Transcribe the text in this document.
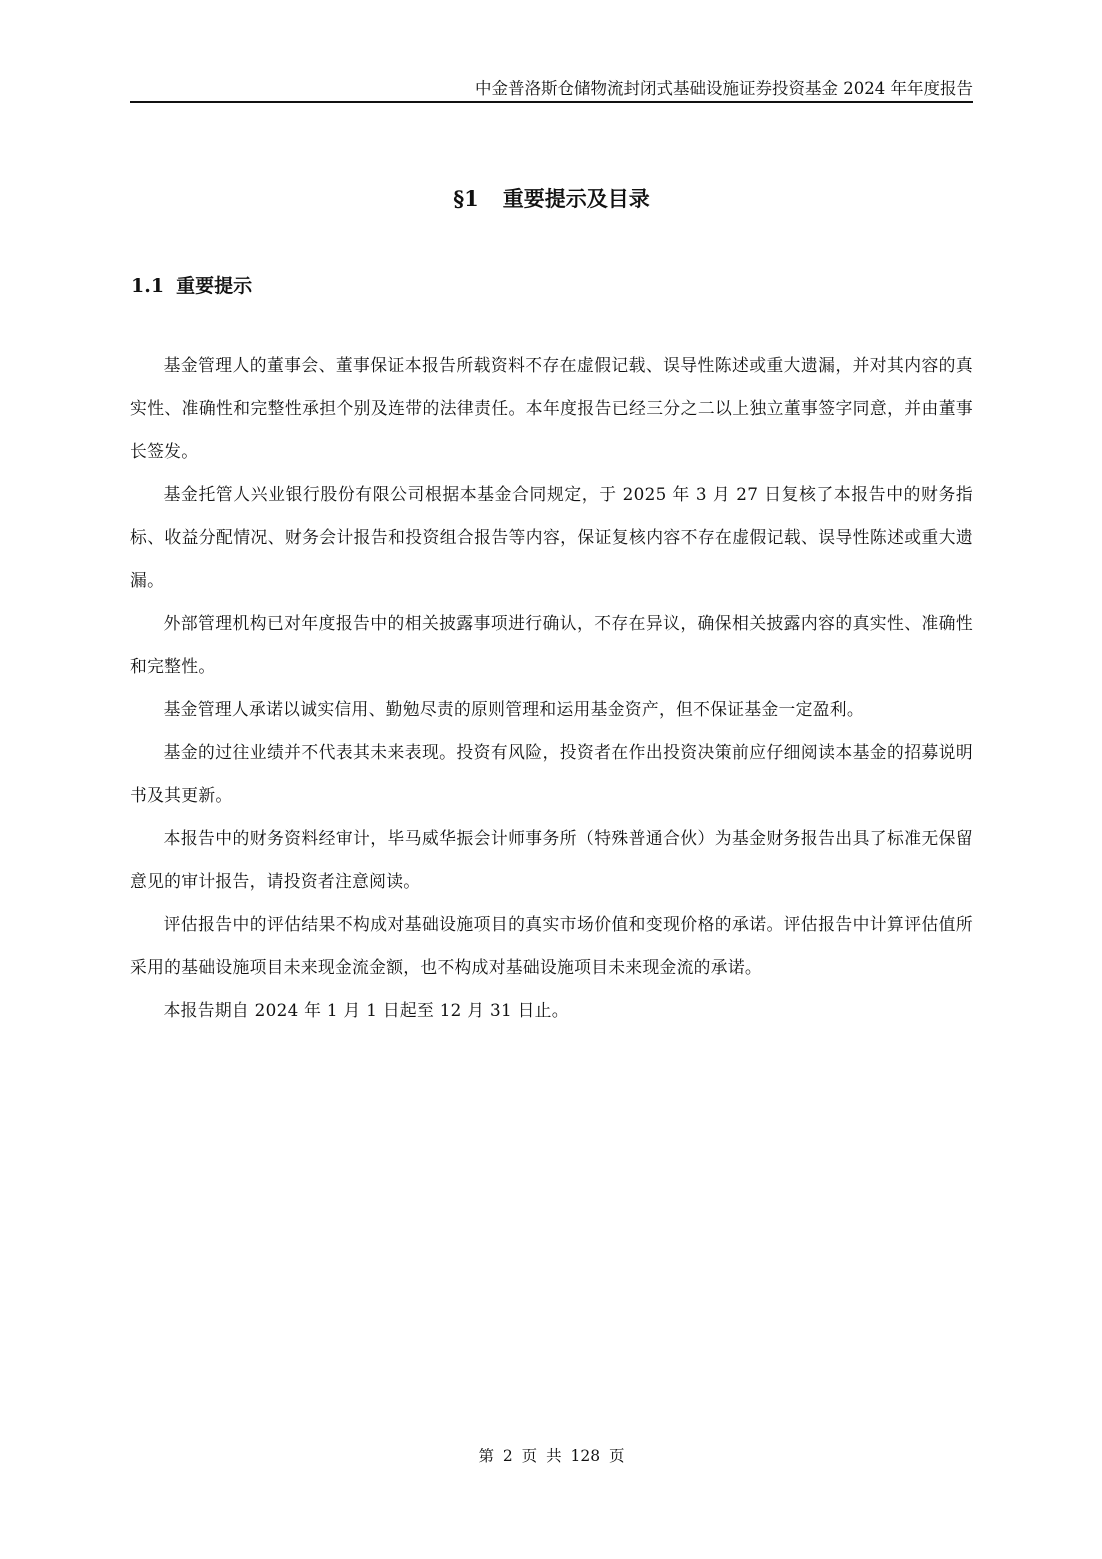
中金普洛斯仓储物流封闭式基础设施证券投资基金 2024 年年度报告
§1 重要提示及目录
1.1 重要提示

基金管理人的董事会、董事保证本报告所载资料不存在虚假记载、误导性陈述或重大遗漏，并对其内容的真实性、准确性和完整性承担个别及连带的法律责任。本年度报告已经三分之二以上独立董事签字同意，并由董事长签发。

基金托管人兴业银行股份有限公司根据本基金合同规定，于 2025 年 3 月 27 日复核了本报告中的财务指标、收益分配情况、财务会计报告和投资组合报告等内容，保证复核内容不存在虚假记载、误导性陈述或重大遗漏。

外部管理机构已对年度报告中的相关披露事项进行确认，不存在异议，确保相关披露内容的真实性、准确性和完整性。

基金管理人承诺以诚实信用、勤勉尽责的原则管理和运用基金资产，但不保证基金一定盈利。

基金的过往业绩并不代表其未来表现。投资有风险，投资者在作出投资决策前应仔细阅读本基金的招募说明书及其更新。

本报告中的财务资料经审计，毕马威华振会计师事务所（特殊普通合伙）为基金财务报告出具了标准无保留意见的审计报告，请投资者注意阅读。

评估报告中的评估结果不构成对基础设施项目的真实市场价值和变现价格的承诺。评估报告中计算评估值所采用的基础设施项目未来现金流金额，也不构成对基础设施项目未来现金流的承诺。

本报告期自 2024 年 1 月 1 日起至 12 月 31 日止。

第 2 页 共 128 页
